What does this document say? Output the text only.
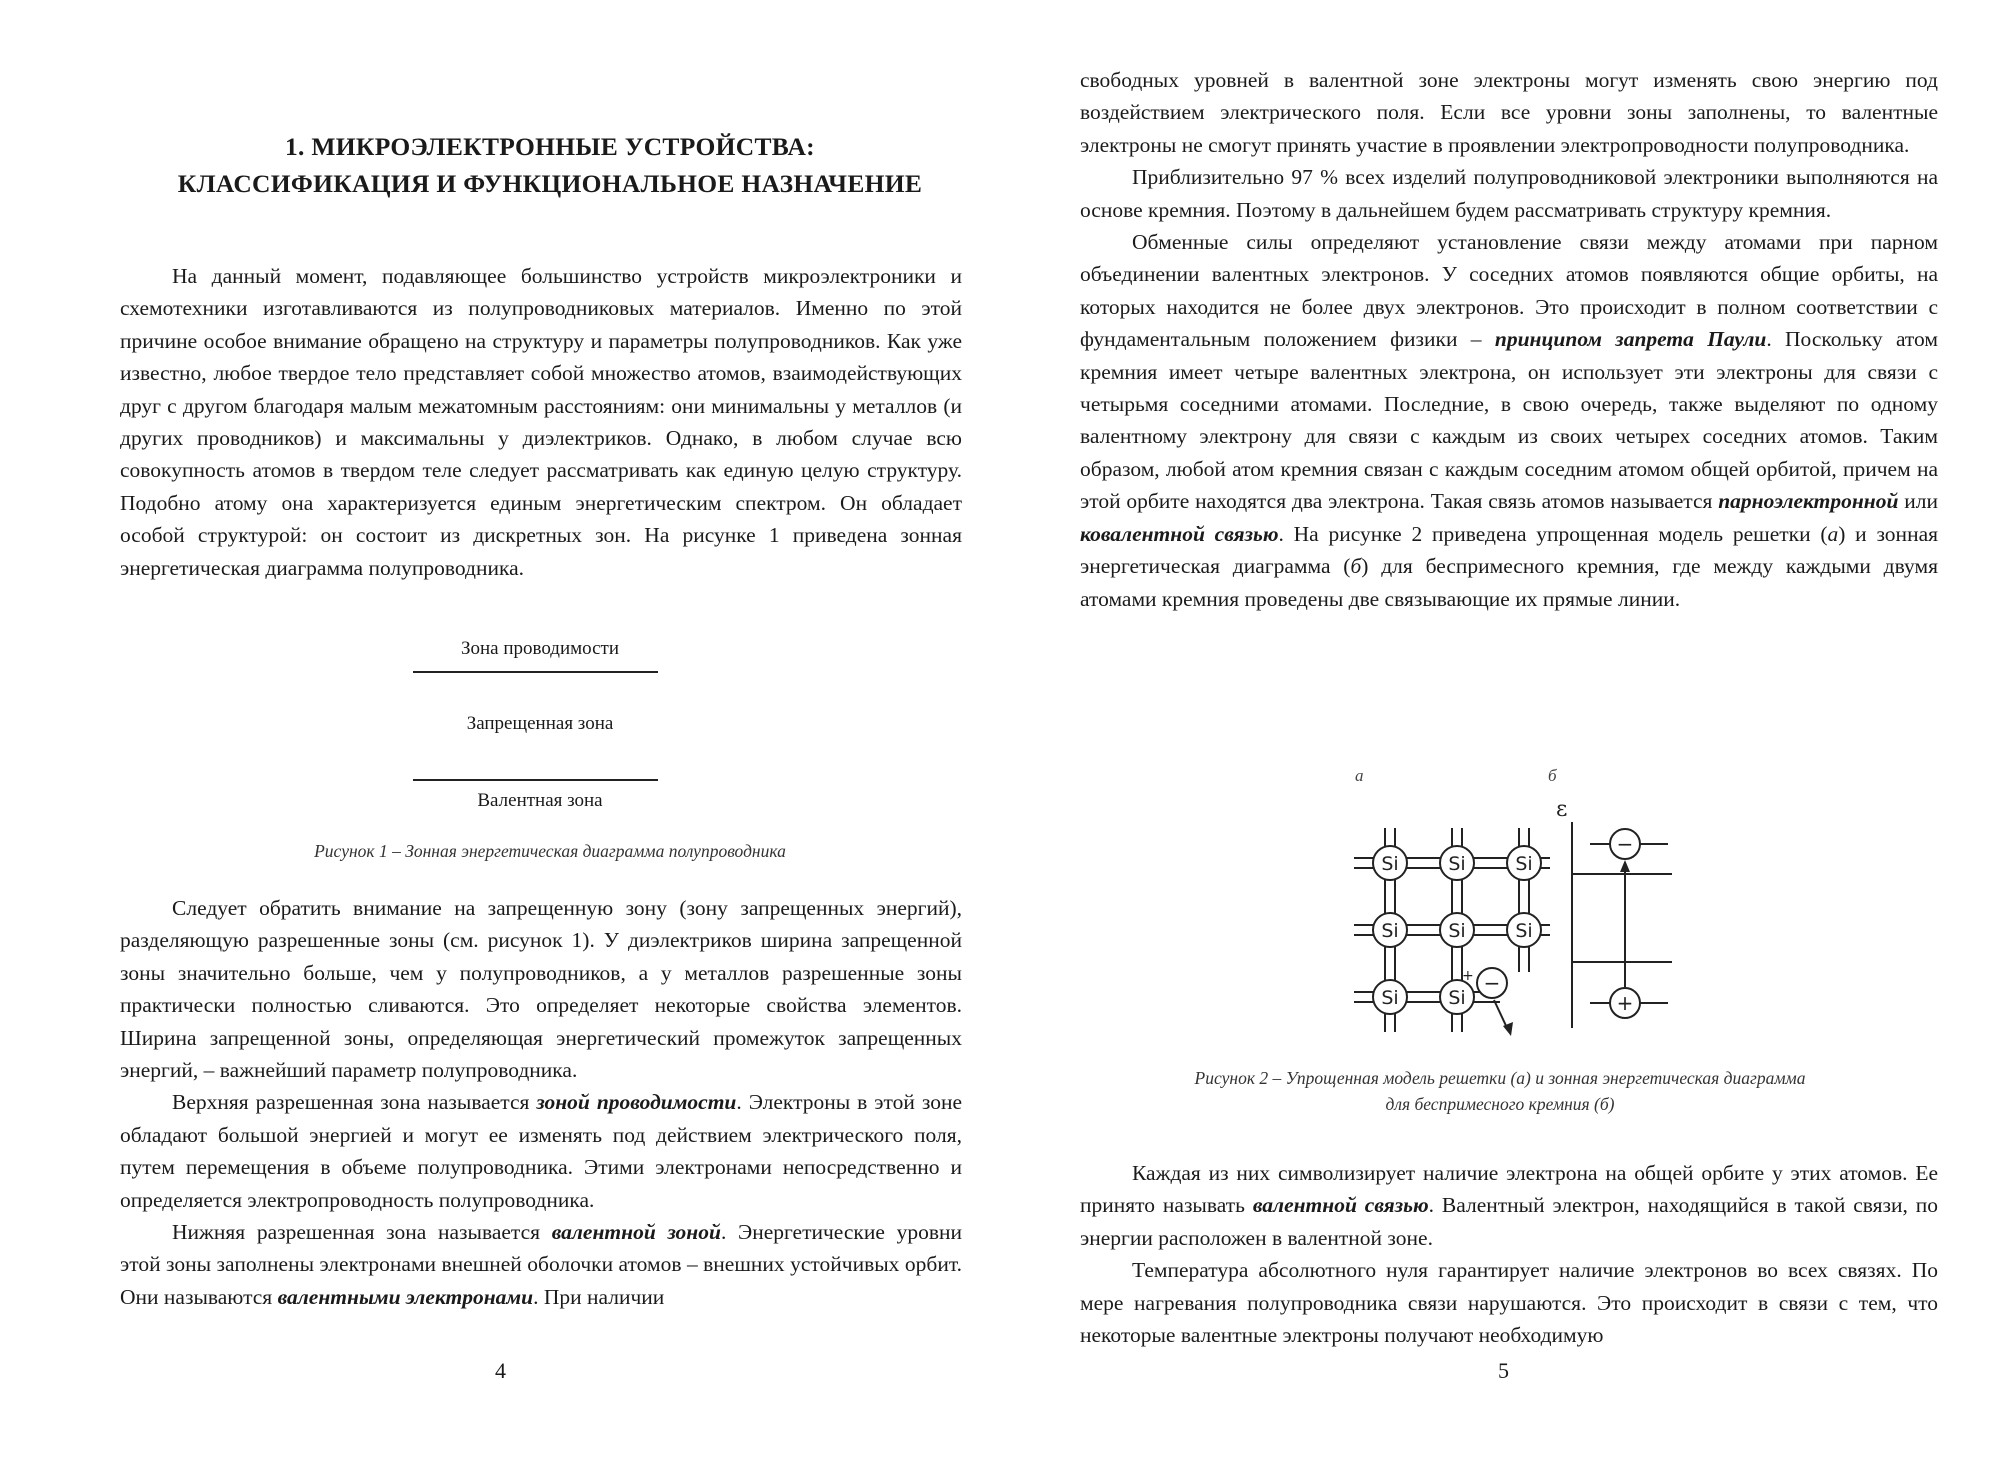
1. МИКРОЭЛЕКТРОННЫЕ УСТРОЙСТВА:
КЛАССИФИКАЦИЯ И ФУНКЦИОНАЛЬНОЕ НАЗНАЧЕНИЕ

На данный момент, подавляющее большинство устройств микроэлектроники и схемотехники изготавливаются из полупроводниковых материалов. Именно по этой причине особое внимание обращено на структуру и параметры полупроводников. Как уже известно, любое твердое тело представляет собой множество атомов, взаимодействующих друг с другом благодаря малым межатомным расстояниям: они минимальны у металлов (и других проводников) и максимальны у диэлектриков. Однако, в любом случае всю совокупность атомов в твердом теле следует рассматривать как единую целую структуру. Подобно атому она характеризуется единым энергетическим спектром. Он обладает особой структурой: он состоит из дискретных зон. На рисунке 1 приведена зонная энергетическая диаграмма полупроводника.

Зона проводимости
Запрещенная зона
Валентная зона
Рисунок 1 – Зонная энергетическая диаграмма полупроводника

Следует обратить внимание на запрещенную зону (зону запрещенных энергий), разделяющую разрешенные зоны (см. рисунок 1). У диэлектриков ширина запрещенной зоны значительно больше, чем у полупроводников, а у металлов разрешенные зоны практически полностью сливаются. Это определяет некоторые свойства элементов. Ширина запрещенной зоны, определяющая энергетический промежуток запрещенных энергий, – важнейший параметр полупроводника.

Верхняя разрешенная зона называется зоной проводимости. Электроны в этой зоне обладают большой энергией и могут ее изменять под действием электрического поля, путем перемещения в объеме полупроводника. Этими электронами непосредственно и определяется электропроводность полупроводника.

Нижняя разрешенная зона называется валентной зоной. Энергетические уровни этой зоны заполнены электронами внешней оболочки атомов – внешних устойчивых орбит. Они называются валентными электронами. При наличии

4

свободных уровней в валентной зоне электроны могут изменять свою энергию под воздействием электрического поля. Если все уровни зоны заполнены, то валентные электроны не смогут принять участие в проявлении электропроводности полупроводника.

Приблизительно 97 % всех изделий полупроводниковой электроники выполняются на основе кремния. Поэтому в дальнейшем будем рассматривать структуру кремния.

Обменные силы определяют установление связи между атомами при парном объединении валентных электронов. У соседних атомов появляются общие орбиты, на которых находится не более двух электронов. Это происходит в полном соответствии с фундаментальным положением физики – принципом запрета Паули. Поскольку атом кремния имеет четыре валентных электрона, он использует эти электроны для связи с четырьмя соседними атомами. Последние, в свою очередь, также выделяют по одному валентному электрону для связи с каждым из своих четырех соседних атомов. Таким образом, любой атом кремния связан с каждым соседним атомом общей орбитой, причем на этой орбите находятся два электрона. Такая связь атомов называется парноэлектронной или ковалентной связью. На рисунке 2 приведена упрощенная модель решетки (а) и зонная энергетическая диаграмма (б) для беспримесного кремния, где между каждыми двумя атомами кремния проведены две связывающие их прямые линии.

а	б
Si	Si	Si
Si	Si	Si
Si	Si
ε
−
+
−
+
Рисунок 2 – Упрощенная модель решетки (а) и зонная энергетическая диаграмма
для беспримесного кремния (б)

Каждая из них символизирует наличие электрона на общей орбите у этих атомов. Ее принято называть валентной связью. Валентный электрон, находящийся в такой связи, по энергии расположен в валентной зоне.

Температура абсолютного нуля гарантирует наличие электронов во всех связях. По мере нагревания полупроводника связи нарушаются. Это происходит в связи с тем, что некоторые валентные электроны получают необходимую

5
